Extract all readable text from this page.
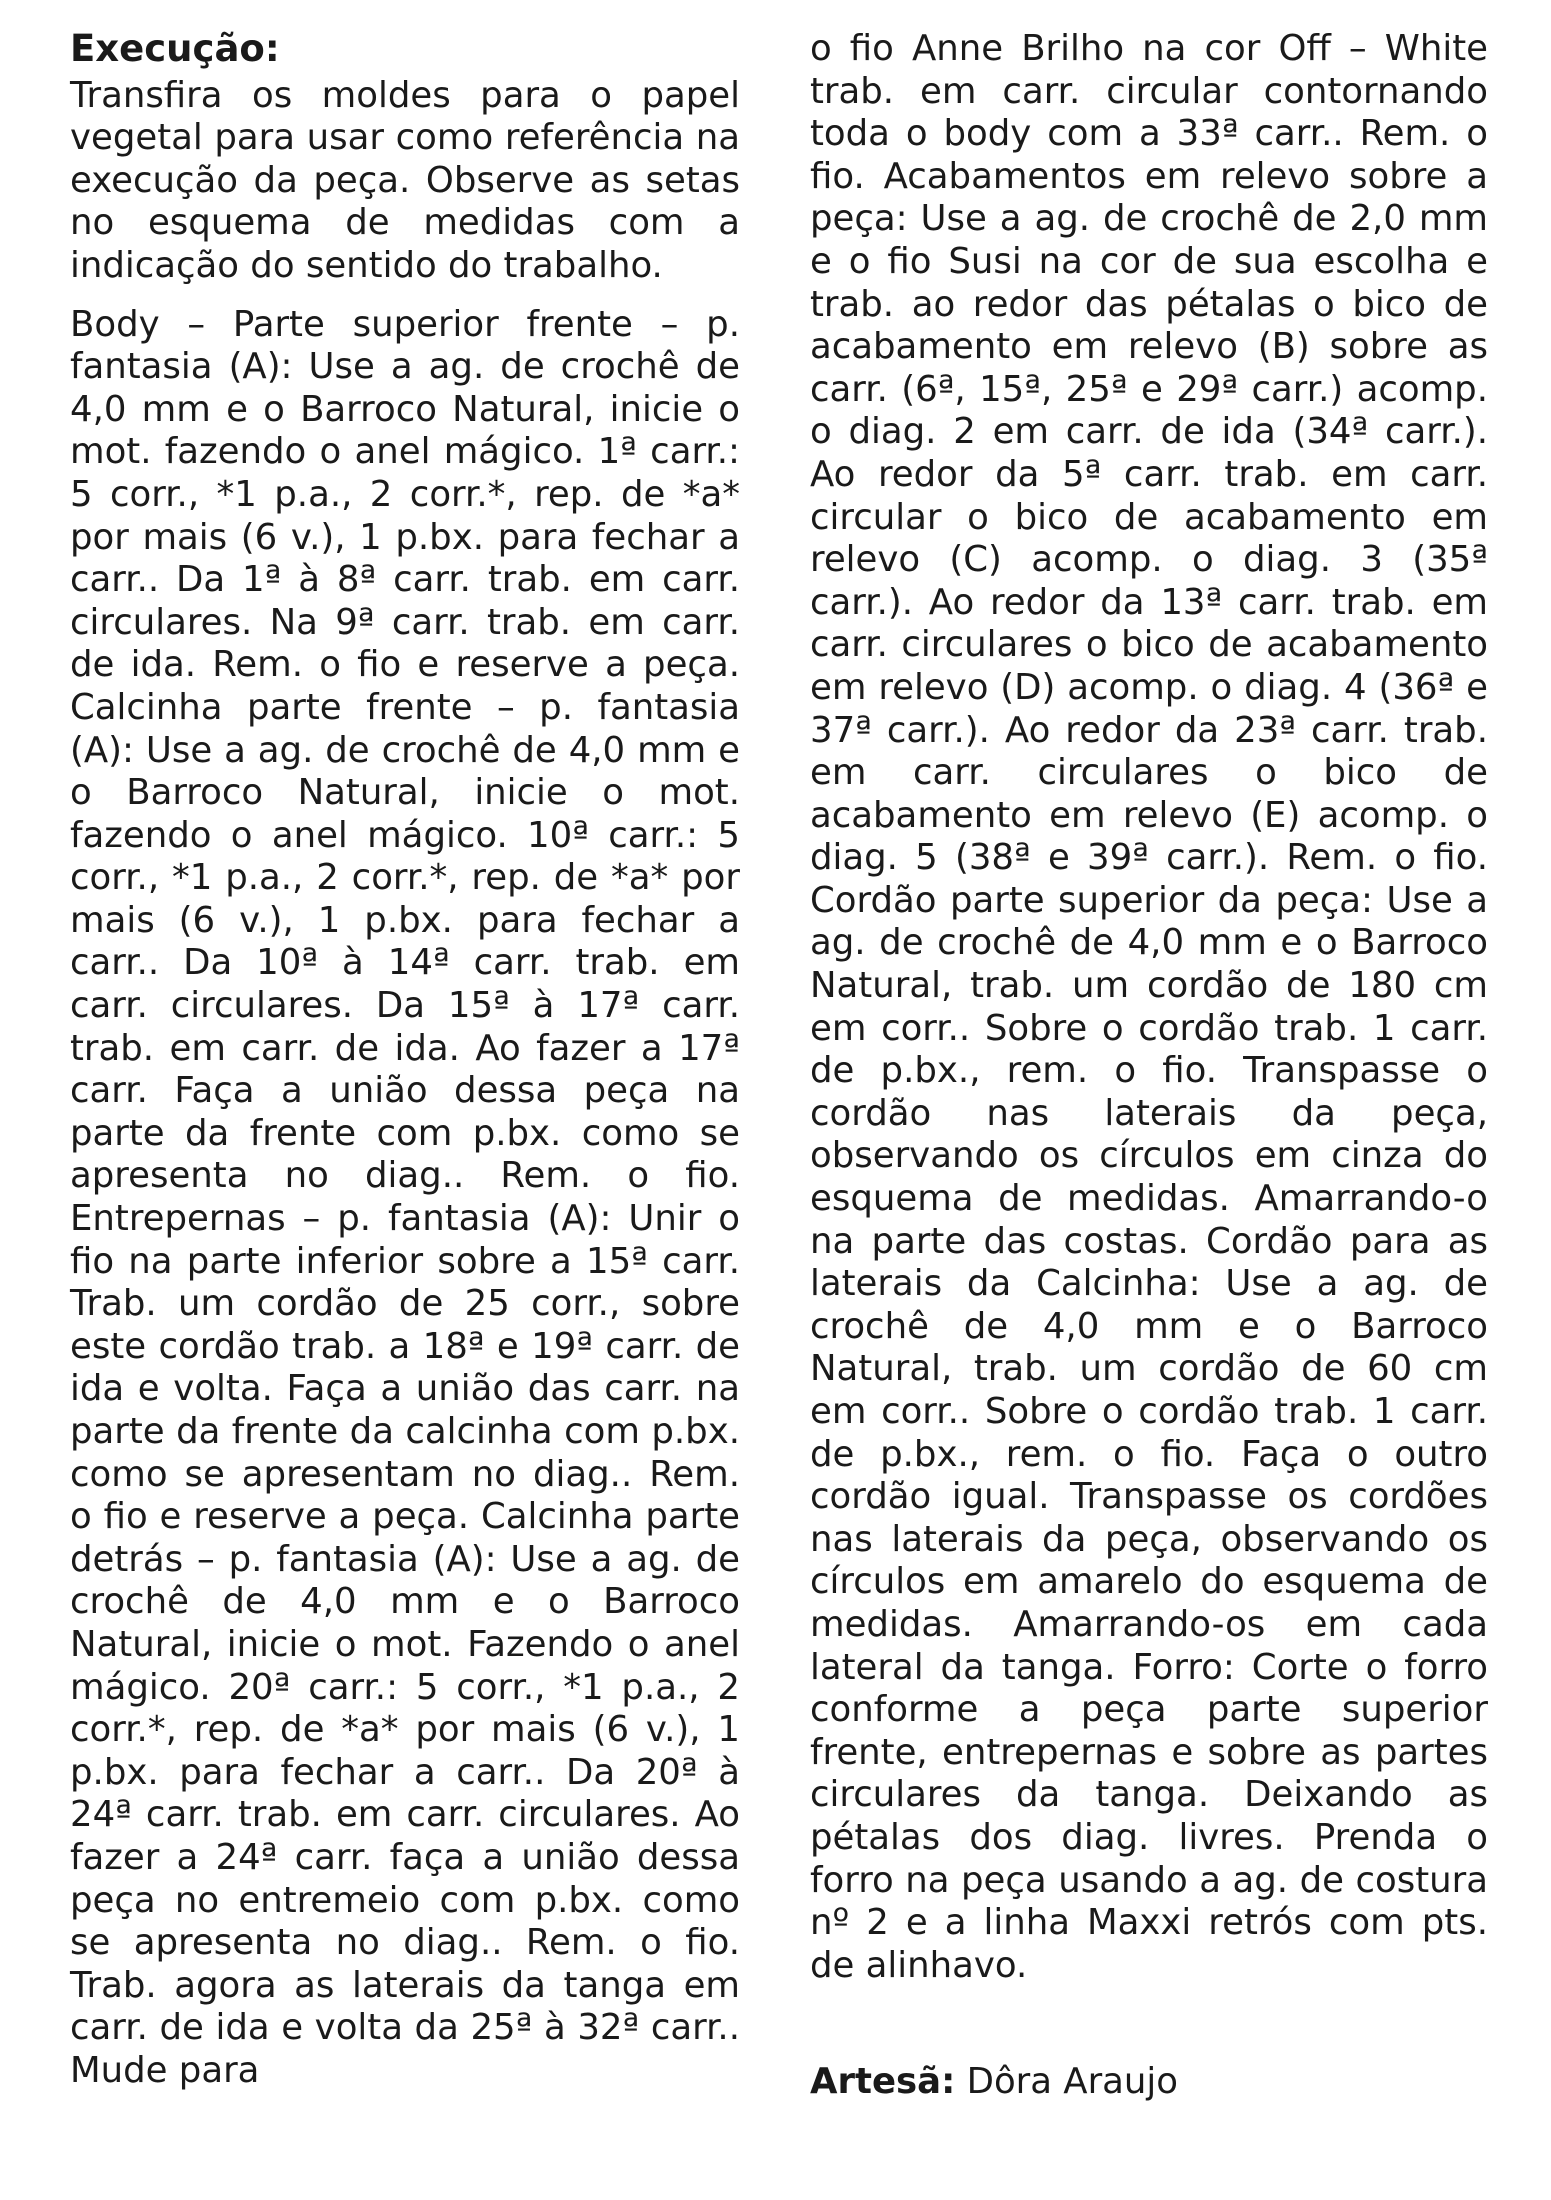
Execução:

Transfira os moldes para o papel vegetal para usar como referência na execução da peça. Observe as setas no esquema de medidas com a indicação do sentido do trabalho.

Body – Parte superior frente – p. fantasia (A): Use a ag. de crochê de 4,0 mm e o Barroco Natural, inicie o mot. fazendo o anel mágico. 1ª carr.: 5 corr., *1 p.a., 2 corr.*, rep. de *a* por mais (6 v.), 1 p.bx. para fechar a carr.. Da 1ª à 8ª carr. trab. em carr. circulares. Na 9ª carr. trab. em carr. de ida. Rem. o fio e reserve a peça. Calcinha parte frente – p. fantasia (A): Use a ag. de crochê de 4,0 mm e o Barroco Natural, inicie o mot. fazendo o anel mágico. 10ª carr.: 5 corr., *1 p.a., 2 corr.*, rep. de *a* por mais (6 v.), 1 p.bx. para fechar a carr.. Da 10ª à 14ª carr. trab. em carr. circulares. Da 15ª à 17ª carr. trab. em carr. de ida. Ao fazer a 17ª carr. Faça a união dessa peça na parte da frente com p.bx. como se apresenta no diag.. Rem. o fio. Entrepernas – p. fantasia (A): Unir o fio na parte inferior sobre a 15ª carr. Trab. um cordão de 25 corr., sobre este cordão trab. a 18ª e 19ª carr. de ida e volta. Faça a união das carr. na parte da frente da calcinha com p.bx. como se apresentam no diag.. Rem. o fio e reserve a peça. Calcinha parte detrás – p. fantasia (A): Use a ag. de crochê de 4,0 mm e o Barroco Natural, inicie o mot. Fazendo o anel mágico. 20ª carr.: 5 corr., *1 p.a., 2 corr.*, rep. de *a* por mais (6 v.), 1 p.bx. para fechar a carr.. Da 20ª à 24ª carr. trab. em carr. circulares. Ao fazer a 24ª carr. faça a união dessa peça no entremeio com p.bx. como se apresenta no diag.. Rem. o fio. Trab. agora as laterais da tanga em carr. de ida e volta da 25ª à 32ª carr.. Mude para

o fio Anne Brilho na cor Off – White trab. em carr. circular contornando toda o body com a 33ª carr.. Rem. o fio. Acabamentos em relevo sobre a peça: Use a ag. de crochê de 2,0 mm e o fio Susi na cor de sua escolha e trab. ao redor das pétalas o bico de acabamento em relevo (B) sobre as carr. (6ª, 15ª, 25ª e 29ª carr.) acomp. o diag. 2 em carr. de ida (34ª carr.). Ao redor da 5ª carr. trab. em carr. circular o bico de acabamento em relevo (C) acomp. o diag. 3 (35ª carr.). Ao redor da 13ª carr. trab. em carr. circulares o bico de acabamento em relevo (D) acomp. o diag. 4 (36ª e 37ª carr.). Ao redor da 23ª carr. trab. em carr. circulares o bico de acabamento em relevo (E) acomp. o diag. 5 (38ª e 39ª carr.). Rem. o fio. Cordão parte superior da peça: Use a ag. de crochê de 4,0 mm e o Barroco Natural, trab. um cordão de 180 cm em corr.. Sobre o cordão trab. 1 carr. de p.bx., rem. o fio. Transpasse o cordão nas laterais da peça, observando os círculos em cinza do esquema de medidas. Amarrando-o na parte das costas. Cordão para as laterais da Calcinha: Use a ag. de crochê de 4,0 mm e o Barroco Natural, trab. um cordão de 60 cm em corr.. Sobre o cordão trab. 1 carr. de p.bx., rem. o fio. Faça o outro cordão igual. Transpasse os cordões nas laterais da peça, observando os círculos em amarelo do esquema de medidas. Amarrando-os em cada lateral da tanga. Forro: Corte o forro conforme a peça parte superior frente, entrepernas e sobre as partes circulares da tanga. Deixando as pétalas dos diag. livres. Prenda o forro na peça usando a ag. de costura nº 2 e a linha Maxxi retrós com pts. de alinhavo.

Artesã: Dôra Araujo
